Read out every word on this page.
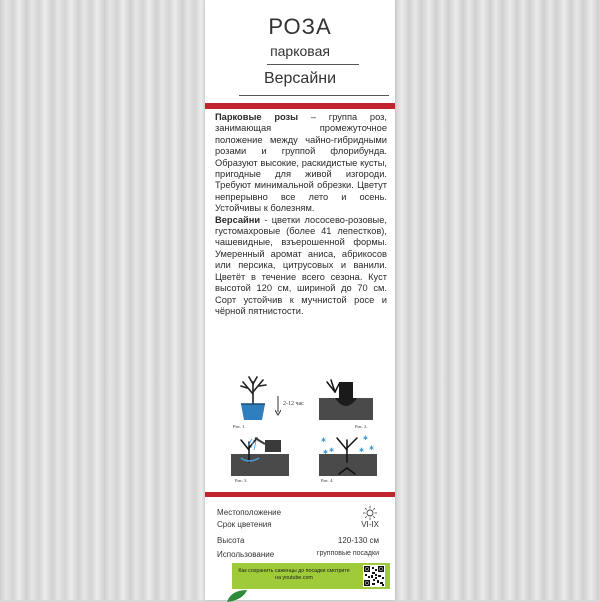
РОЗА
парковая
Версайни
Парковые розы – группа роз, занимающая промежуточное положение между чайно-гибридными розами и группой флорибунда. Образуют высокие, раскидистые кусты, пригодные для живой изгороди. Требуют минимальной обрезки. Цветут непрерывно все лето и осень. Устойчивы к болезням.
Версайни - цветки лососево-розовые, густомахровые (более 41 лепестков), чашевидные, взъерошенной формы. Умеренный аромат аниса, абрикосов или персика, цитрусовых и ванили. Цветёт в течение всего сезона. Куст высотой 120 см, шириной до 70 см. Сорт устойчив к мучнистой росе и чёрной пятнистости.
Рис. 1.
2-12 час
Рис. 2.
Рис. 3.
✱
✱
✱
✱
✱
✱
Рис. 4.
Местоположение
Срок цветения	VI-IX
Высота	120-130 см
Использование	групповые посадки
Как сохранить саженцы до посадки смотрите на youtube.com
